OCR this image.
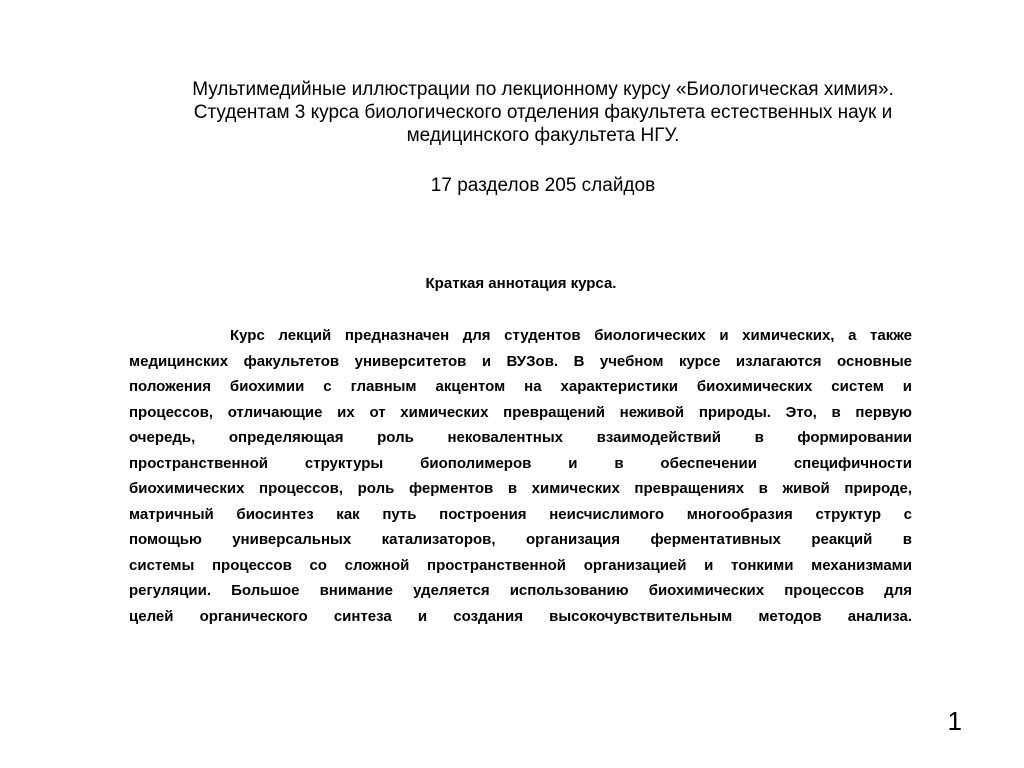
Мультимедийные иллюстрации по лекционному курсу «Биологическая химия».
Студентам 3 курса биологического отделения факультета естественных наук и
медицинского факультета НГУ.
17 разделов 205 слайдов
Краткая аннотация курса.
Курс лекций предназначен для студентов биологических и химических, а также
медицинских факультетов университетов и ВУЗов. В учебном курсе излагаются основные
положения биохимии с главным акцентом на характеристики биохимических систем и
процессов, отличающие их от химических превращений неживой природы. Это, в первую
очередь, определяющая роль нековалентных взаимодействий в формировании
пространственной структуры биополимеров и в обеспечении специфичности
биохимических процессов, роль ферментов в химических превращениях в живой природе,
матричный биосинтез как путь построения неисчислимого многообразия структур с
помощью универсальных катализаторов, организация ферментативных реакций в
системы процессов со сложной пространственной организацией и тонкими механизмами
регуляции. Большое внимание уделяется использованию биохимических процессов для
целей органического синтеза и создания высокочувствительным методов анализа.
1
